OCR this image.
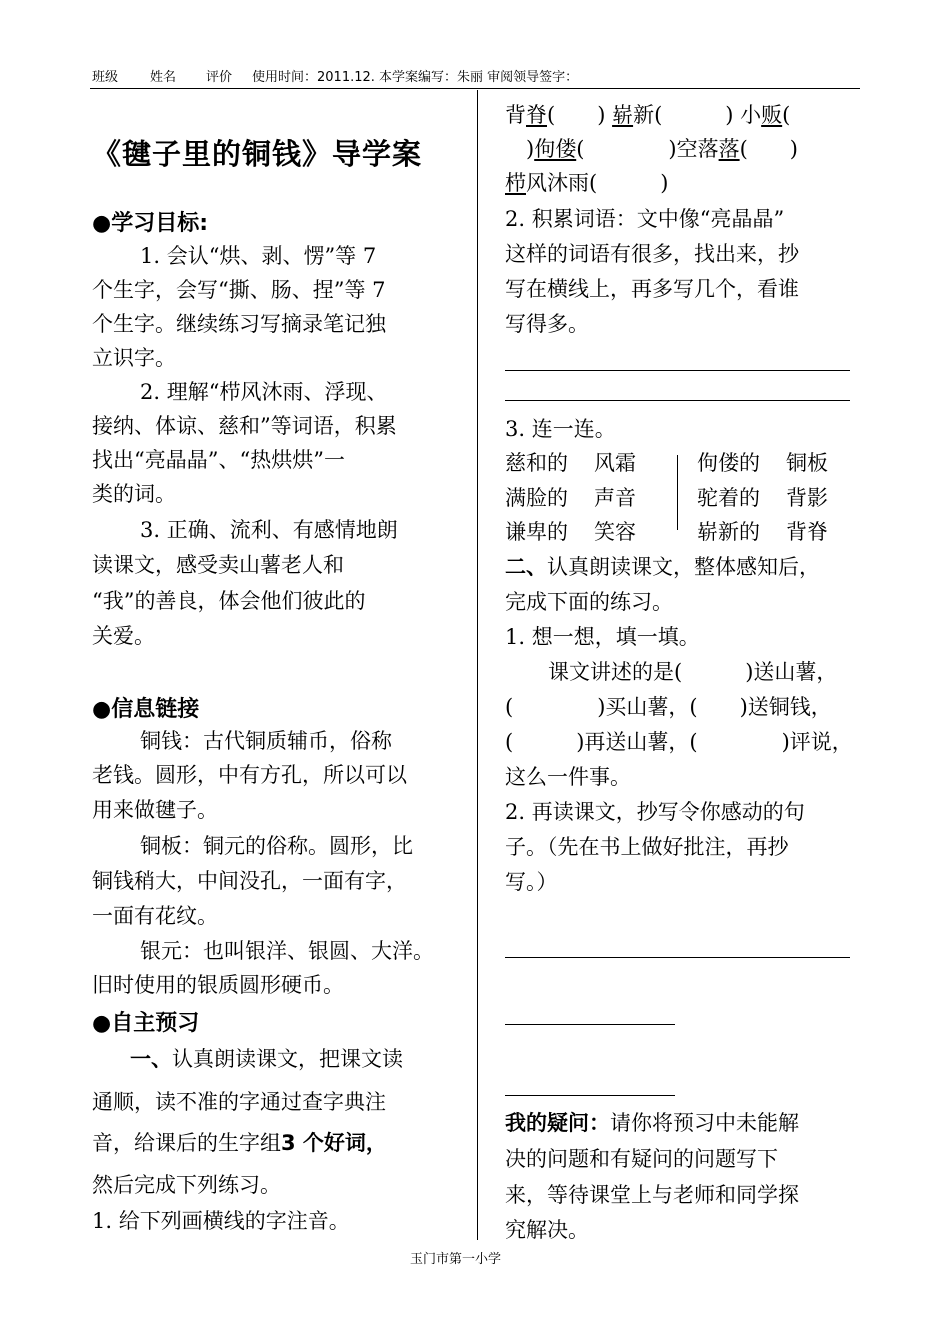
班级 姓名 评价 使用时间：2011.12. 本学案编写：朱丽 审阅领导签字：
《毽子里的铜钱》导学案
●学习目标:
1. 会认“烘、剥、愣”等 7
个生字，会写“撕、肠、捏”等 7
个生字。继续练习写摘录笔记独
立识字。
2. 理解“栉风沐雨、浮现、
接纳、体谅、慈和”等词语，积累
找出“亮晶晶”、“热烘烘”一
类的词。
3. 正确、流利、有感情地朗
读课文，感受卖山薯老人和
“我”的善良，体会他们彼此的
关爱。
●信息链接
铜钱：古代铜质辅币，俗称
老钱。圆形，中有方孔，所以可以
用来做毽子。
铜板：铜元的俗称。圆形，比
铜钱稍大，中间没孔，一面有字，
一面有花纹。
银元：也叫银洋、银圆、大洋。
旧时使用的银质圆形硬币。
●自主预习
一、认真朗读课文，把课文读
通顺，读不准的字通过查字典注
音，给课后的生字组3 个好词，
然后完成下列练习。
1. 给下列画横线的字注音。
背脊(　　) 崭新(　　　) 小贩(
　)佝偻(　　　　)空落落(　　)
栉风沐雨(　　　)
2. 积累词语：文中像“亮晶晶”
这样的词语有很多，找出来，抄
写在横线上，再多写几个，看谁
写得多。
3. 连一连。
慈和的 风霜
满脸的 声音
谦卑的 笑容
佝偻的 铜板
驼着的 背影
崭新的 背脊
二、认真朗读课文，整体感知后，
完成下面的练习。
1. 想一想，填一填。
课文讲述的是(　　　)送山薯，
(　　　　)买山薯，(　　)送铜钱，
(　　　)再送山薯，(　　　　)评说，
这么一件事。
2. 再读课文，抄写令你感动的句
子。（先在书上做好批注，再抄
写。）
我的疑问：请你将预习中未能解
决的问题和有疑问的问题写下
来，等待课堂上与老师和同学探
究解决。
玉门市第一小学
